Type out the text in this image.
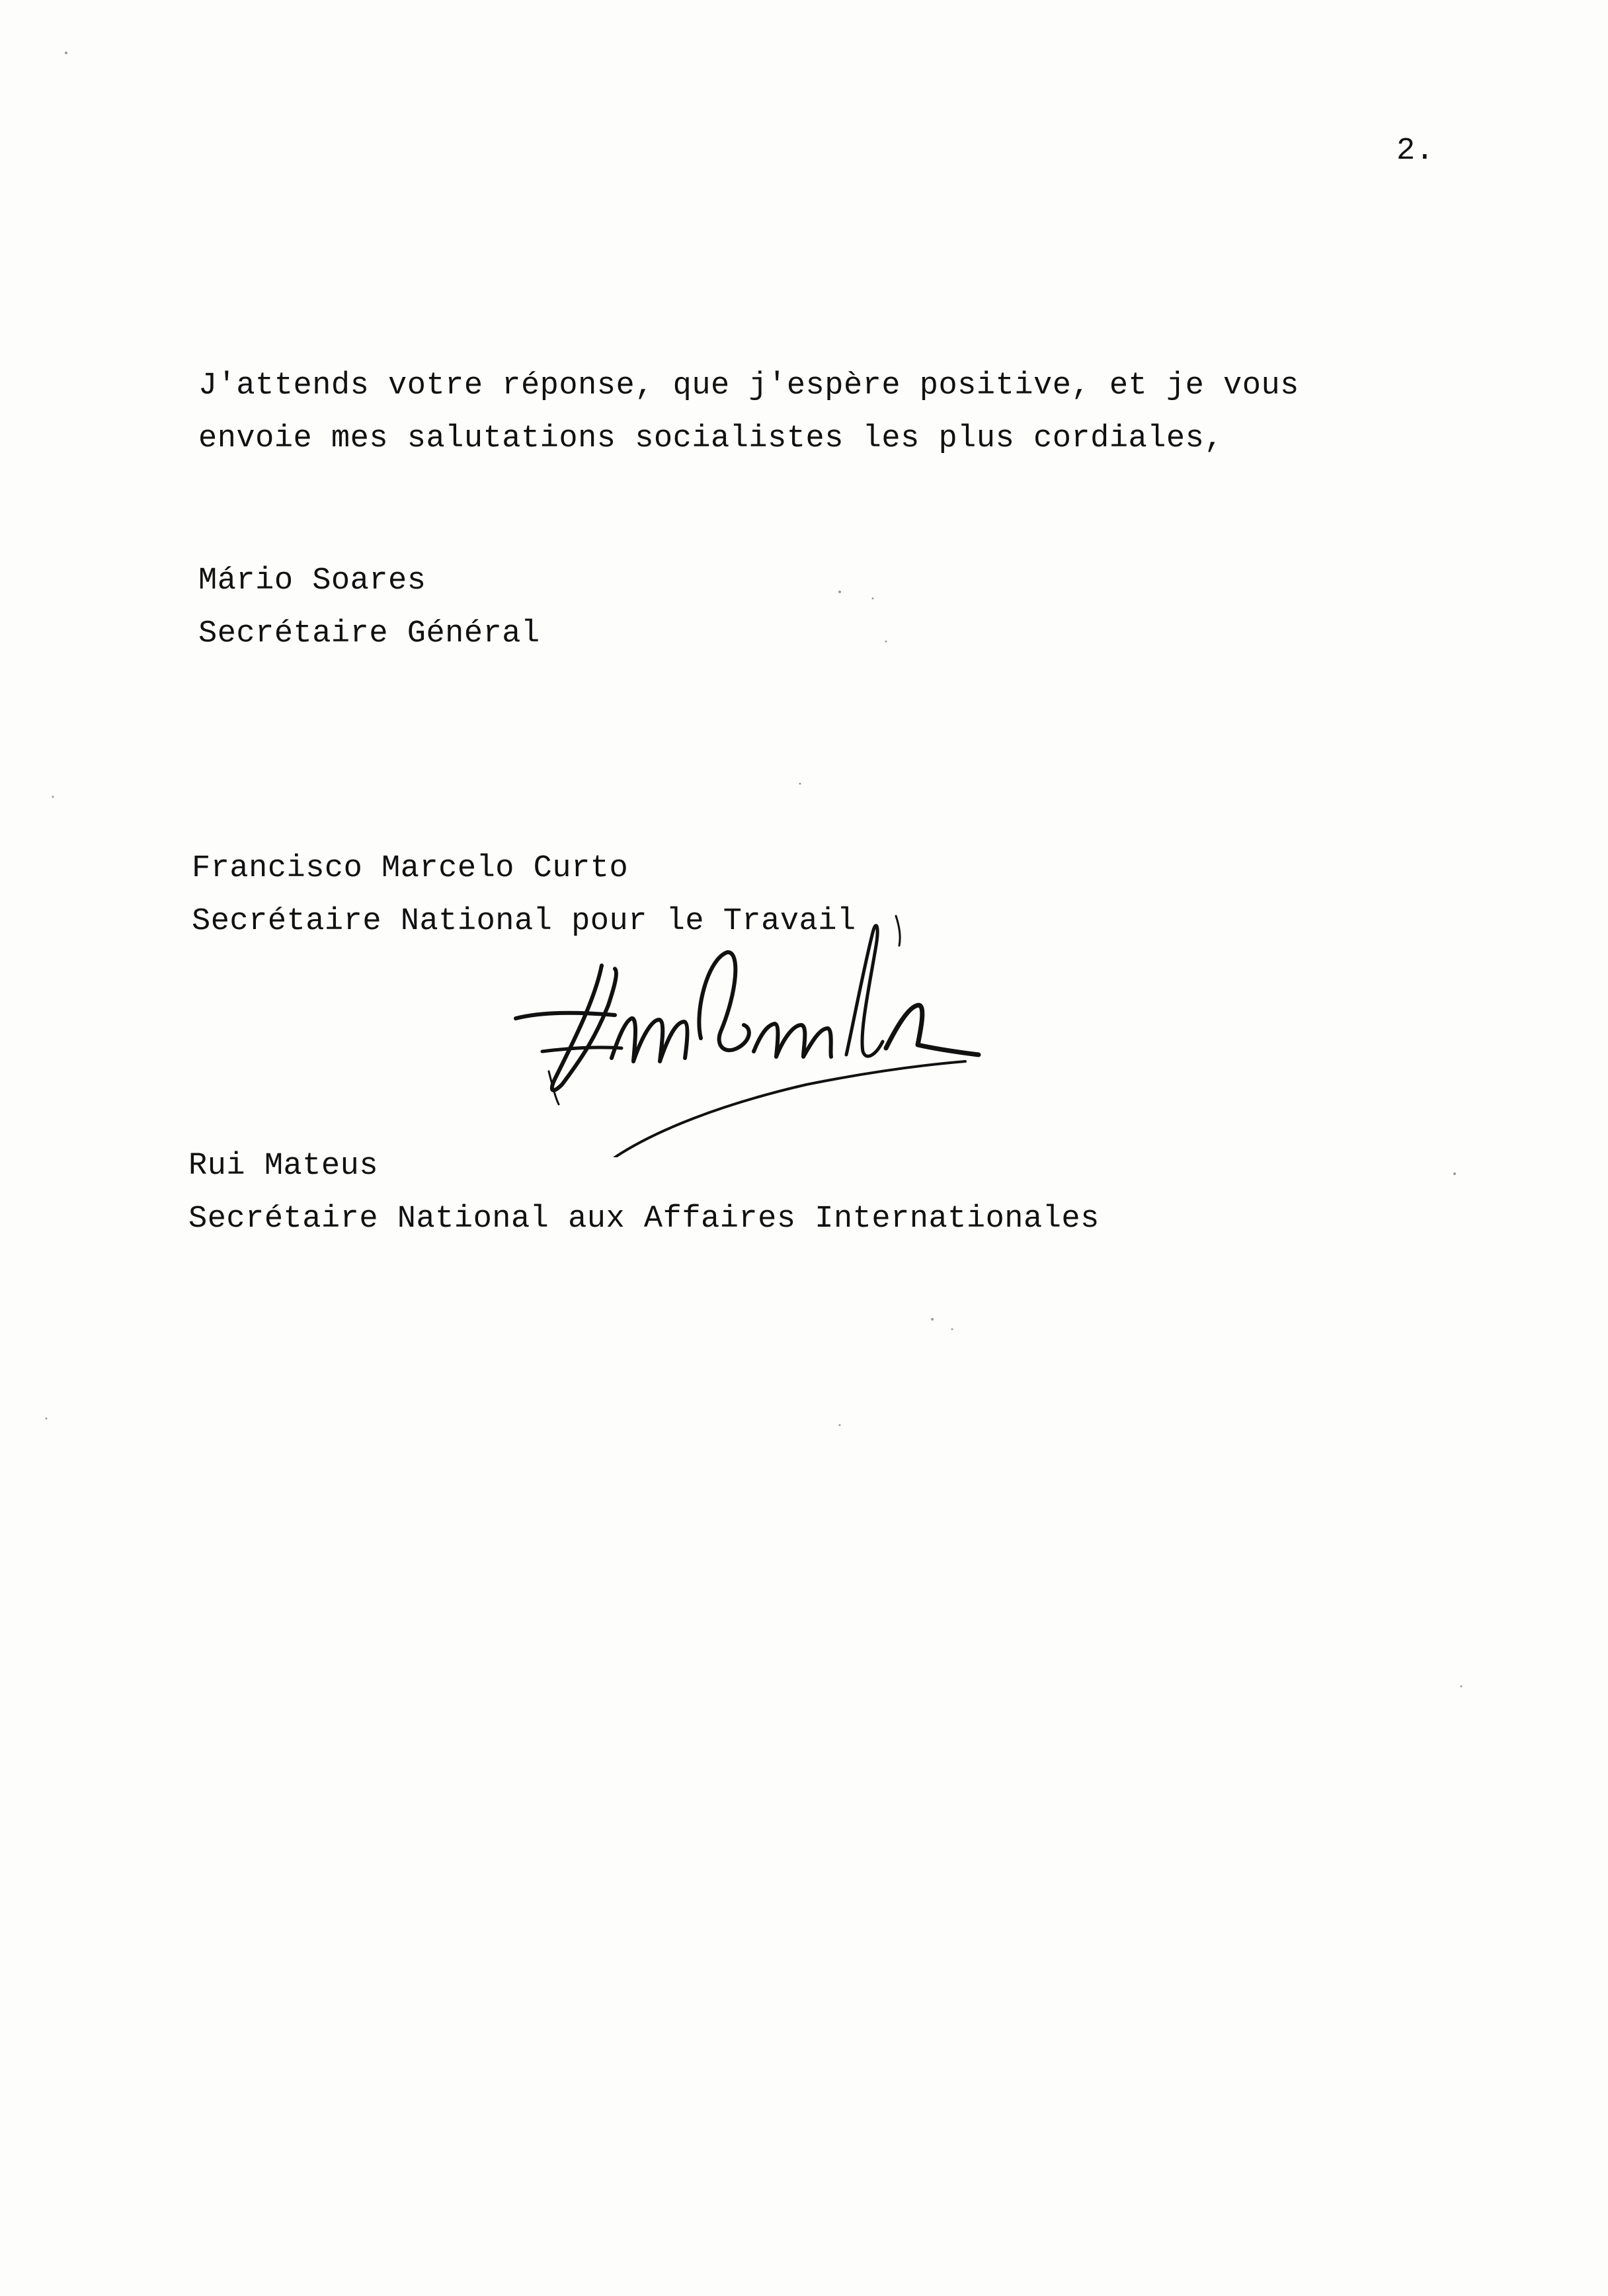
2.
J'attends votre réponse, que j'espère positive, et je vous
envoie mes salutations socialistes les plus cordiales,
Mário Soares
Secrétaire Général
Francisco Marcelo Curto
Secrétaire National pour le Travail
Rui Mateus
Secrétaire National aux Affaires Internationales
